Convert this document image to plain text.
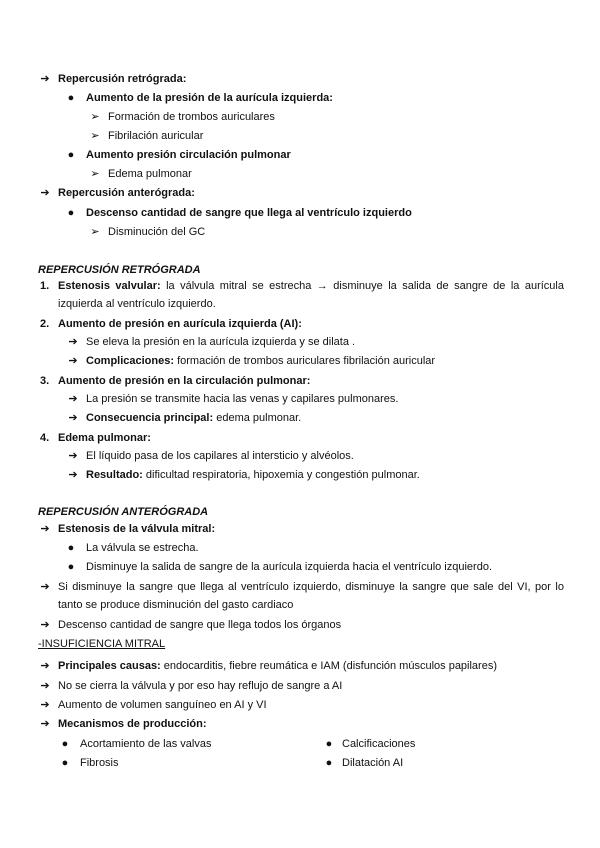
➔ Repercusión retrógrada:
●	Aumento de la presión de la aurícula izquierda:
➢ Formación de trombos auriculares
➢ Fibrilación auricular
●	Aumento presión circulación pulmonar
➢ Edema pulmonar
➔ Repercusión anterógrada:
●	Descenso cantidad de sangre que llega al ventrículo izquierdo
➢ Disminución del GC
REPERCUSIÓN RETRÓGRADA
1. Estenosis valvular: la válvula mitral se estrecha → disminuye la salida de sangre de la aurícula
izquierda al ventrículo izquierdo.
2. Aumento de presión en aurícula izquierda (AI):
➔ Se eleva la presión en la aurícula izquierda y se dilata .
➔ Complicaciones: formación de trombos auriculares fibrilación auricular
3. Aumento de presión en la circulación pulmonar:
➔ La presión se transmite hacia las venas y capilares pulmonares.
➔ Consecuencia principal: edema pulmonar.
4. Edema pulmonar:
➔ El líquido pasa de los capilares al intersticio y alvéolos.
➔ Resultado: dificultad respiratoria, hipoxemia y congestión pulmonar.
REPERCUSIÓN ANTERÓGRADA
➔ Estenosis de la válvula mitral:
●	La válvula se estrecha.
●	Disminuye la salida de sangre de la aurícula izquierda hacia el ventrículo izquierdo.
➔ Si disminuye la sangre que llega al ventrículo izquierdo, disminuye la sangre que sale del VI, por lo
tanto se produce disminución del gasto cardiaco
➔ Descenso cantidad de sangre que llega todos los órganos
-INSUFICIENCIA MITRAL
➔ Principales causas: endocarditis, fiebre reumática e IAM (disfunción músculos papilares)
➔ No se cierra la válvula y por eso hay reflujo de sangre a AI
➔ Aumento de volumen sanguíneo en AI y VI
➔ Mecanismos de producción:
●	Acortamiento de las valvas	● Calcificaciones
●	Fibrosis	● Dilatación AI
